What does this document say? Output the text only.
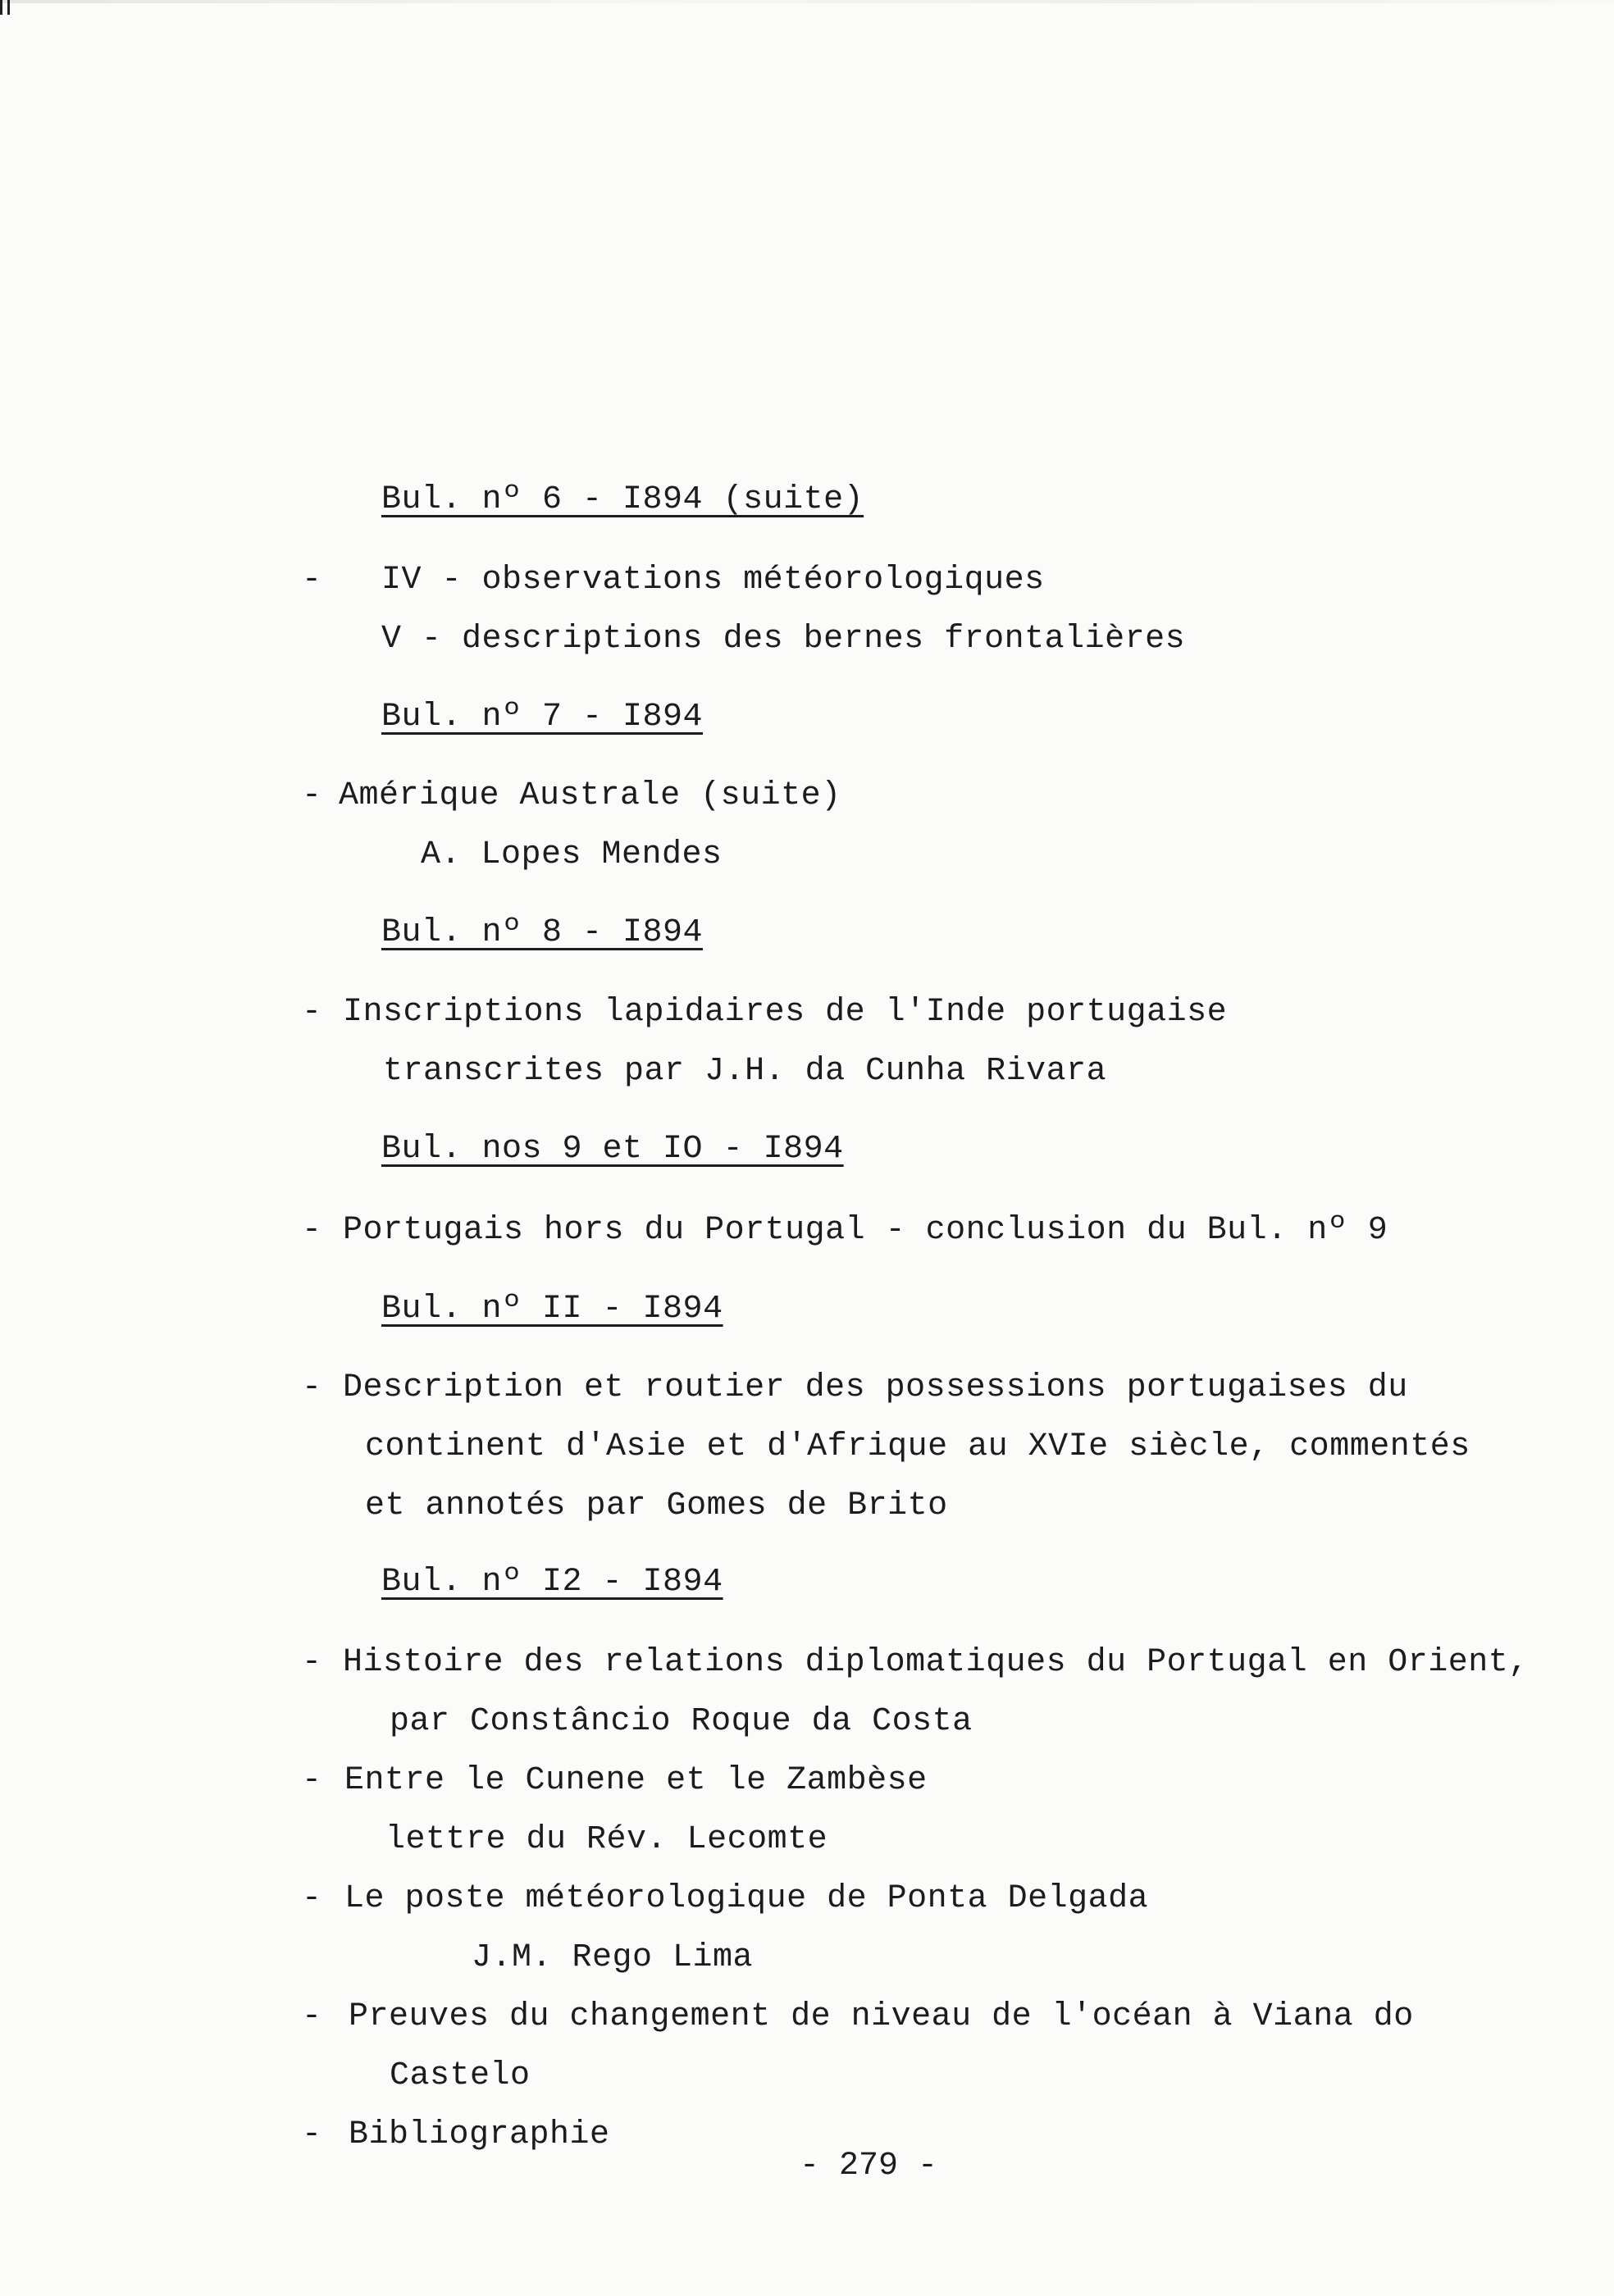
Bul. nº 6 - I894 (suite)
- IV - observations météorologiques
V - descriptions des bernes frontalières
Bul. nº 7 - I894
- Amérique Australe (suite)
A. Lopes Mendes
Bul. nº 8 - I894
- Inscriptions lapidaires de l'Inde portugaise
transcrites par J.H. da Cunha Rivara
Bul. nos 9 et IO - I894
- Portugais hors du Portugal - conclusion du Bul. nº 9
Bul. nº II - I894
- Description et routier des possessions portugaises du
continent d'Asie et d'Afrique au XVIe siècle, commentés
et annotés par Gomes de Brito
Bul. nº I2 - I894
- Histoire des relations diplomatiques du Portugal en Orient,
par Constâncio Roque da Costa
- Entre le Cunene et le Zambèse
lettre du Rév. Lecomte
- Le poste météorologique de Ponta Delgada
J.M. Rego Lima
- Preuves du changement de niveau de l'océan à Viana do
Castelo
- Bibliographie
- 279 -
